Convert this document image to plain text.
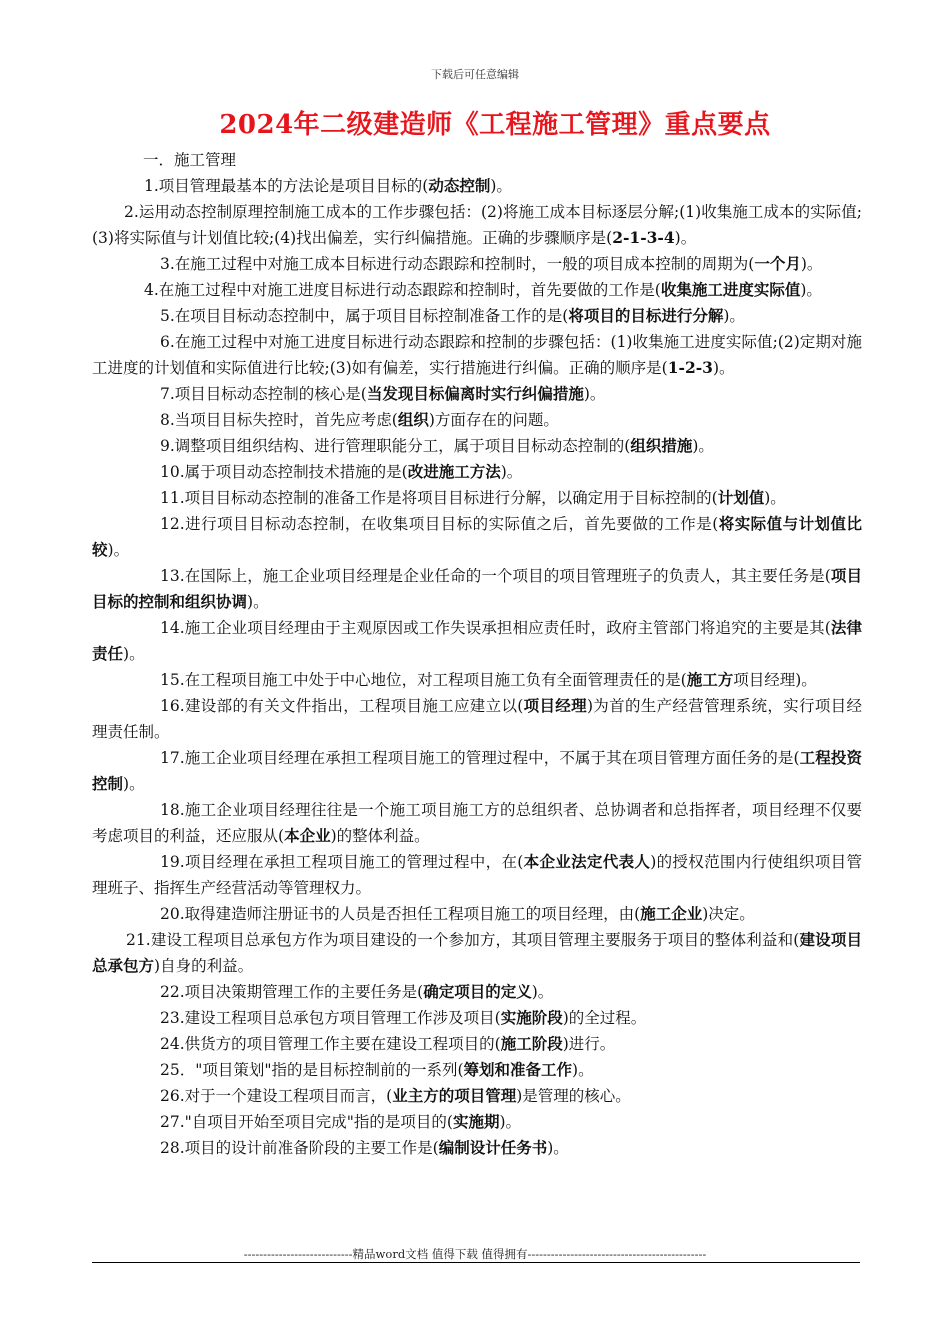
下载后可任意编辑
2024年二级建造师《工程施工管理》重点要点
一．施工管理
1.项目管理最基本的方法论是项目目标的(动态控制)。
2.运用动态控制原理控制施工成本的工作步骤包括：(2)将施工成本目标逐层分解;(1)收集施工成本的实际值;(3)将实际值与计划值比较;(4)找出偏差，实行纠偏措施。正确的步骤顺序是(2-1-3-4)。
3.在施工过程中对施工成本目标进行动态跟踪和控制时，一般的项目成本控制的周期为(一个月)。
4.在施工过程中对施工进度目标进行动态跟踪和控制时，首先要做的工作是(收集施工进度实际值)。
5.在项目目标动态控制中，属于项目目标控制准备工作的是(将项目的目标进行分解)。
6.在施工过程中对施工进度目标进行动态跟踪和控制的步骤包括：(1)收集施工进度实际值;(2)定期对施工进度的计划值和实际值进行比较;(3)如有偏差，实行措施进行纠偏。正确的顺序是(1-2-3)。
7.项目目标动态控制的核心是(当发现目标偏离时实行纠偏措施)。
8.当项目目标失控时，首先应考虑(组织)方面存在的问题。
9.调整项目组织结构、进行管理职能分工，属于项目目标动态控制的(组织措施)。
10.属于项目动态控制技术措施的是(改进施工方法)。
11.项目目标动态控制的准备工作是将项目目标进行分解，以确定用于目标控制的(计划值)。
12.进行项目目标动态控制，在收集项目目标的实际值之后，首先要做的工作是(将实际值与计划值比较)。
13.在国际上，施工企业项目经理是企业任命的一个项目的项目管理班子的负责人，其主要任务是(项目目标的控制和组织协调)。
14.施工企业项目经理由于主观原因或工作失误承担相应责任时，政府主管部门将追究的主要是其(法律责任)。
15.在工程项目施工中处于中心地位，对工程项目施工负有全面管理责任的是(施工方项目经理)。
16.建设部的有关文件指出，工程项目施工应建立以(项目经理)为首的生产经营管理系统，实行项目经理责任制。
17.施工企业项目经理在承担工程项目施工的管理过程中，不属于其在项目管理方面任务的是(工程投资控制)。
18.施工企业项目经理往往是一个施工项目施工方的总组织者、总协调者和总指挥者，项目经理不仅要考虑项目的利益，还应服从(本企业)的整体利益。
19.项目经理在承担工程项目施工的管理过程中，在(本企业法定代表人)的授权范围内行使组织项目管理班子、指挥生产经营活动等管理权力。
20.取得建造师注册证书的人员是否担任工程项目施工的项目经理，由(施工企业)决定。
21.建设工程项目总承包方作为项目建设的一个参加方，其项目管理主要服务于项目的整体利益和(建设项目总承包方)自身的利益。
22.项目决策期管理工作的主要任务是(确定项目的定义)。
23.建设工程项目总承包方项目管理工作涉及项目(实施阶段)的全过程。
24.供货方的项目管理工作主要在建设工程项目的(施工阶段)进行。
25．"项目策划"指的是目标控制前的一系列(筹划和准备工作)。
26.对于一个建设工程项目而言，(业主方的项目管理)是管理的核心。
27."自项目开始至项目完成"指的是项目的(实施期)。
28.项目的设计前准备阶段的主要工作是(编制设计任务书)。
----------------------------精品word文档 值得下载 值得拥有----------------------------------------------
